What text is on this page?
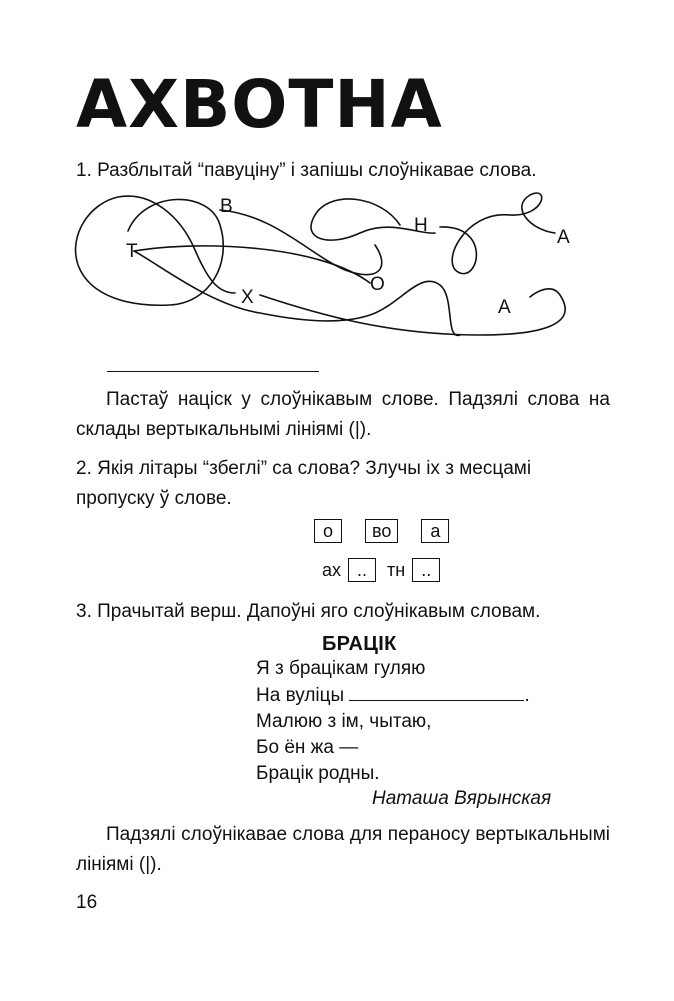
АХВОТНА

1. Разблытай “павуціну” і запішы слоўнікавае слова.

В
Н
А
Т
О
Х	А

Пастаў націск у слоўнікавым слове. Падзялі слова на склады вертыкальнымі лініямі (|).

2. Якія літары “збеглі” са слова? Злучы іх з месцамі пропуску ў слове.

о во а
ах .. тн ..

3. Прачытай верш. Дапоўні яго слоўнікавым словам.

БРАЦІК
Я з брацікам гуляю
На вуліцы	.
Малюю з ім, чытаю,
Бо ён жа —
Брацік родны.
Наташа Вярынская

Падзялі слоўнікавае слова для пераносу вертыкальнымі лініямі (|).

16
